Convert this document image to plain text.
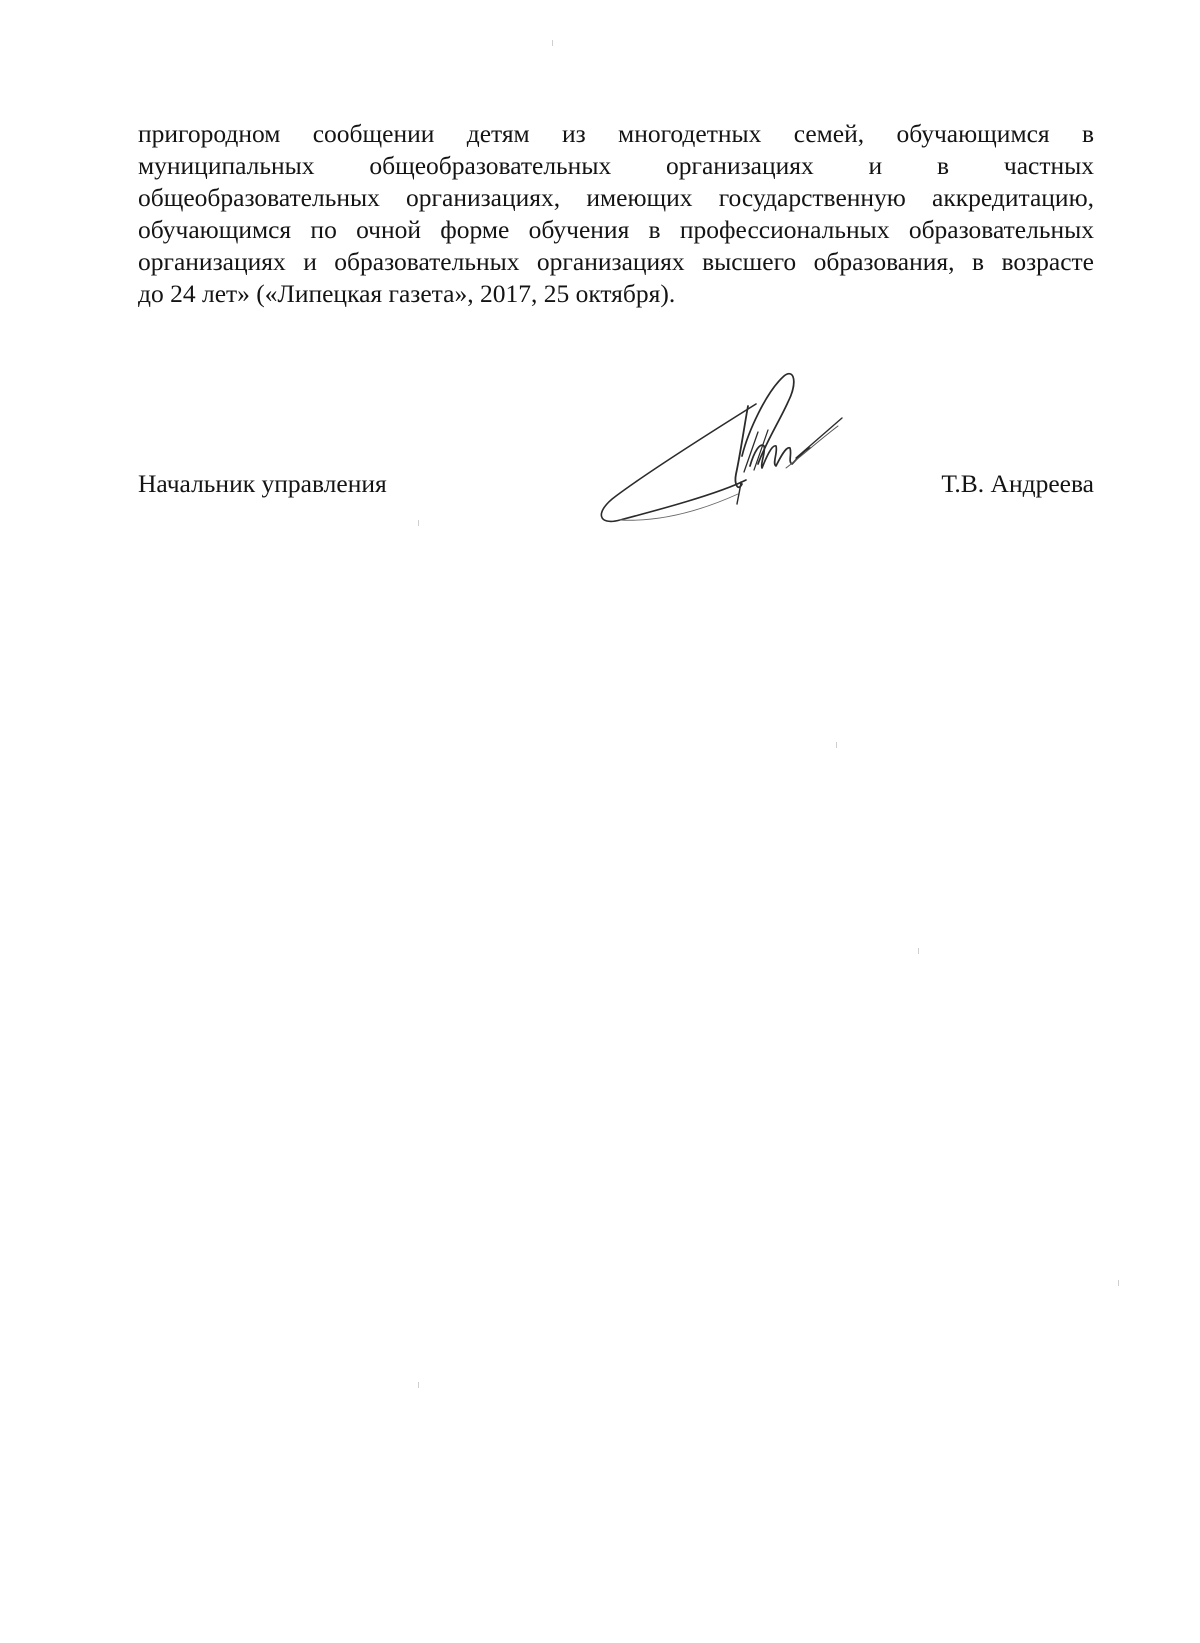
пригородном сообщении детям из многодетных семей, обучающимся в
муниципальных общеобразовательных организациях и в частных
общеобразовательных организациях, имеющих государственную аккредитацию,
обучающимся по очной форме обучения в профессиональных образовательных
организациях и образовательных организациях высшего образования, в возрасте
до 24 лет» («Липецкая газета», 2017, 25 октября).
Начальник управления	Т.В. Андреева
